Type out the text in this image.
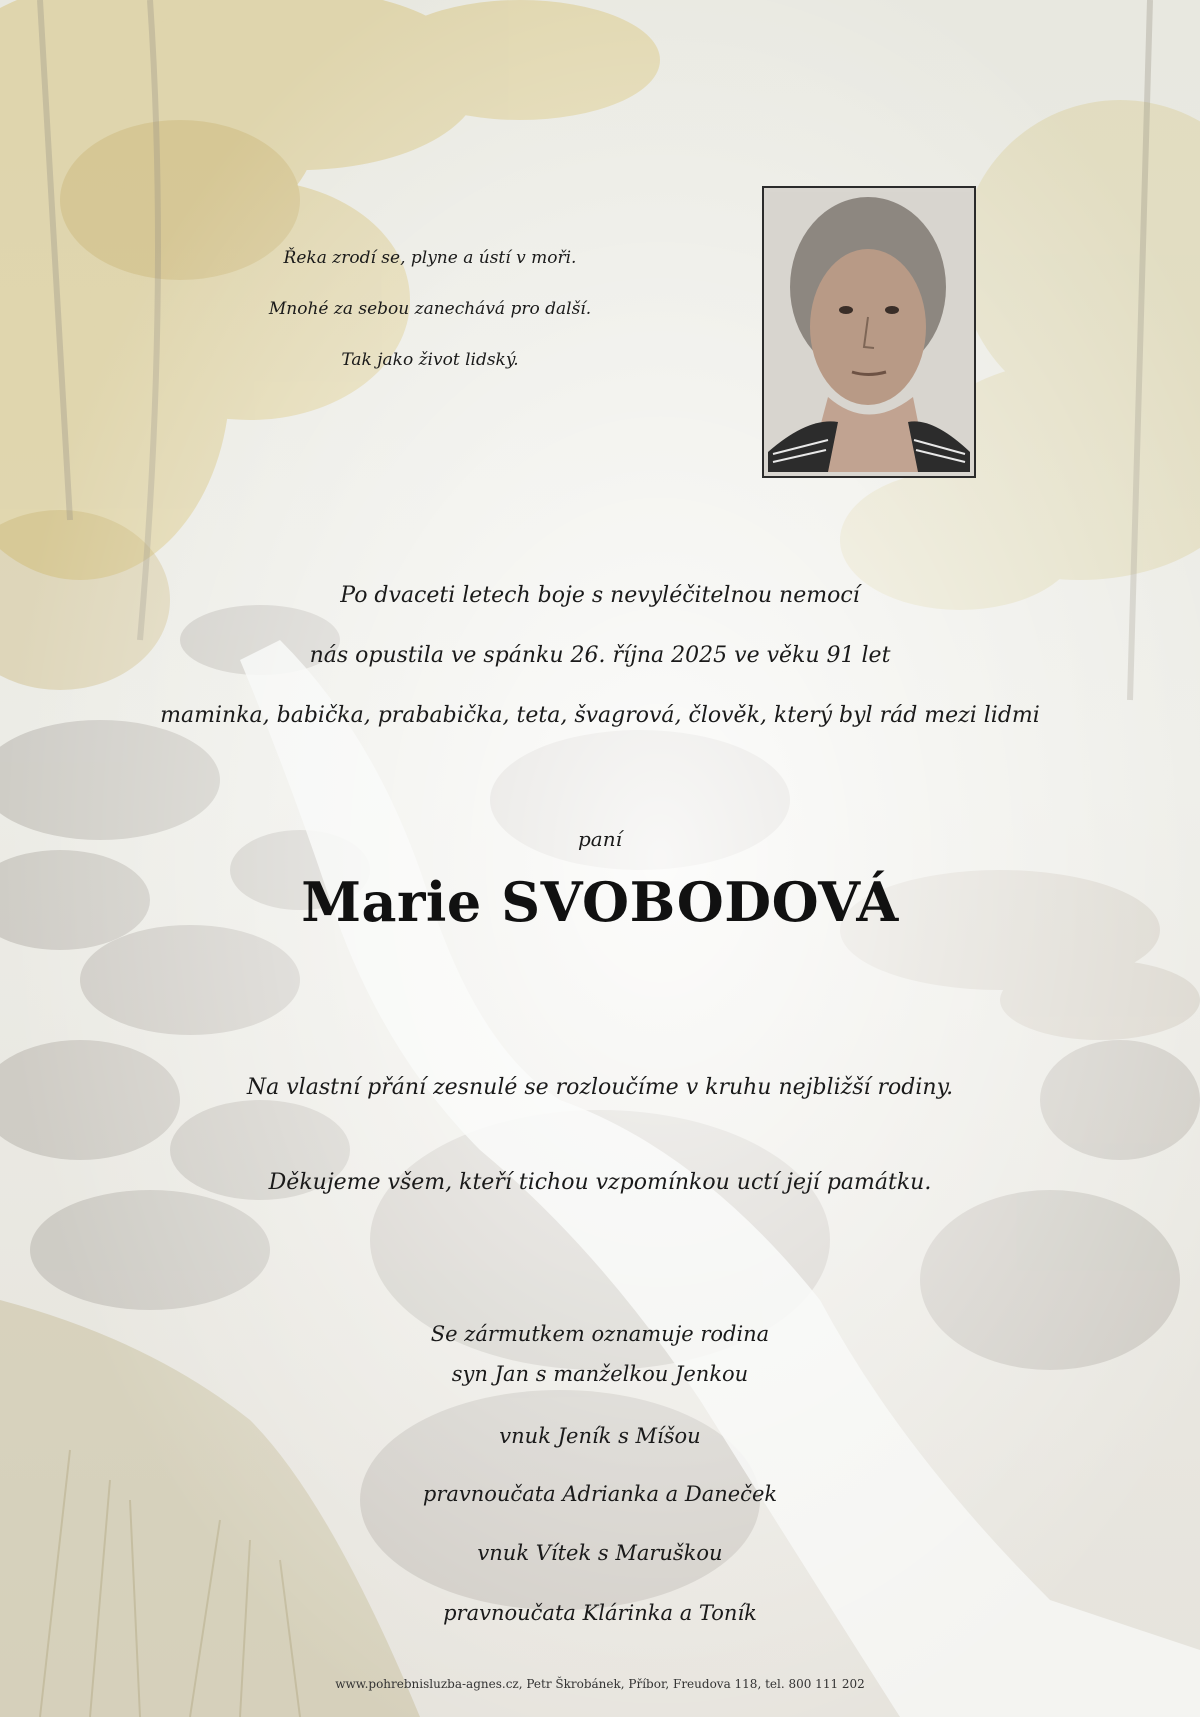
Řeka zrodí se, plyne a ústí v moři.
Mnohé za sebou zanechává pro další.
Tak jako život lidský.
Po dvaceti letech boje s nevyléčitelnou nemocí
nás opustila ve spánku 26. října 2025 ve věku 91 let
maminka, babička, prababička, teta, švagrová, člověk, který byl rád mezi lidmi
paní
Marie SVOBODOVÁ
Na vlastní přání zesnulé se rozloučíme v kruhu nejbližší rodiny.
Děkujeme všem, kteří tichou vzpomínkou uctí její památku.
Se zármutkem oznamuje rodina
syn Jan s manželkou Jenkou
vnuk Jeník s Míšou
pravnoučata Adrianka a Daneček
vnuk Vítek s Maruškou
pravnoučata Klárinka a Toník
www.pohrebnisluzba-agnes.cz, Petr Škrobánek, Příbor, Freudova 118, tel. 800 111 202
